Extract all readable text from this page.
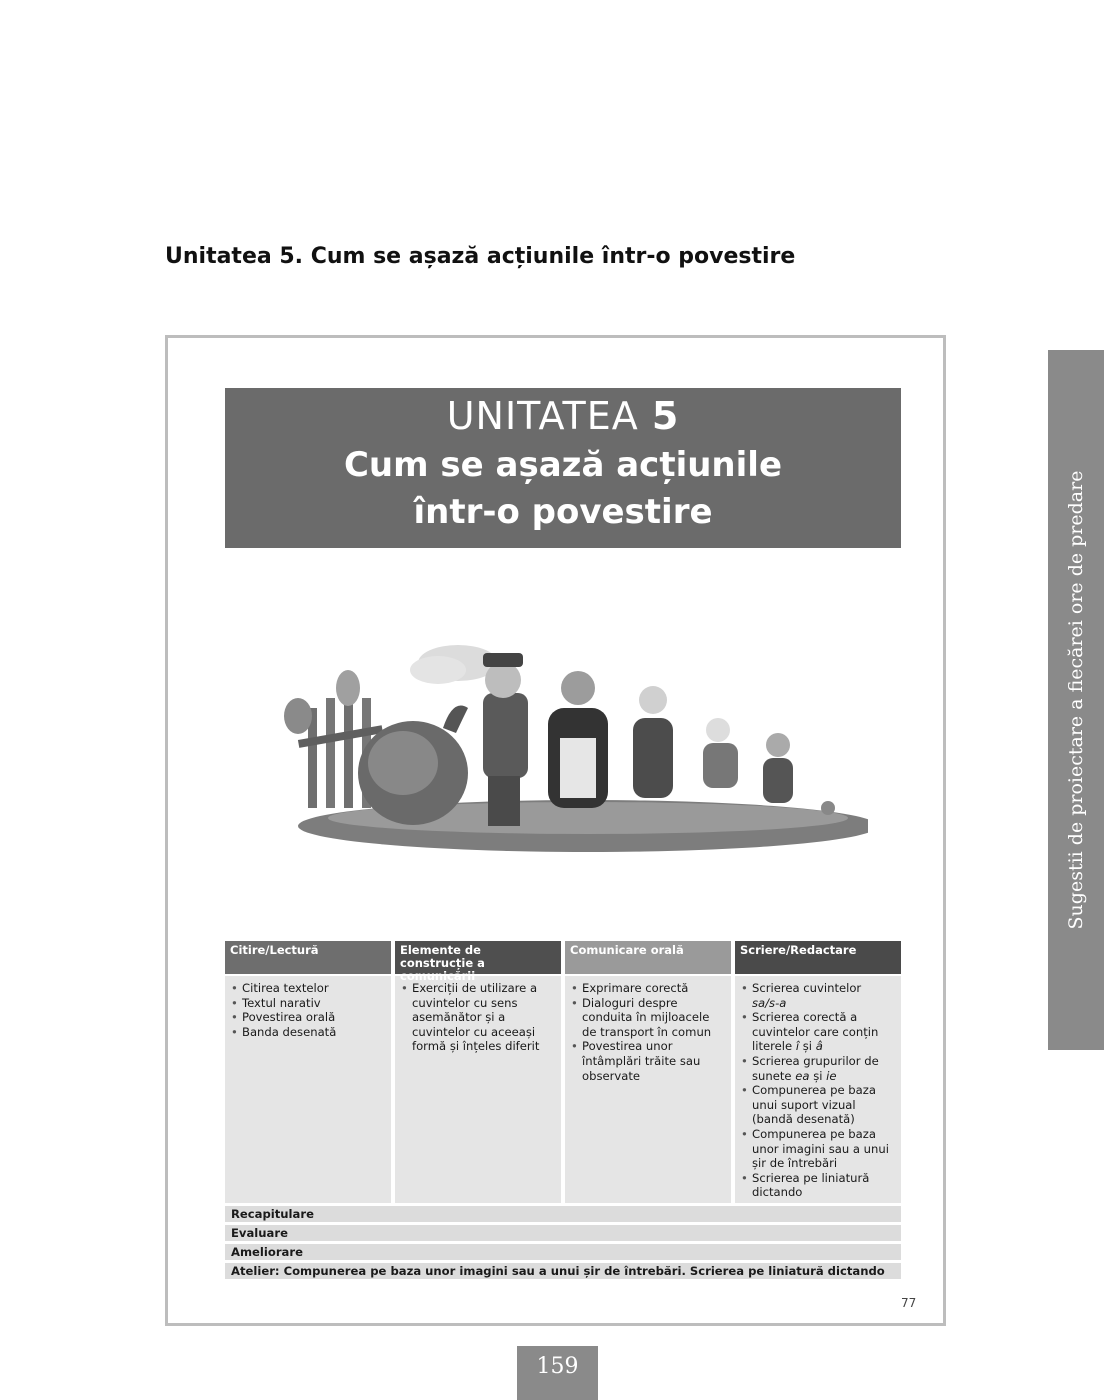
Unitatea 5. Cum se așază acțiunile într-o povestire
UNITATEA 5
Cum se așază acțiunile
într-o povestire
Citire/Lectură
• Citirea textelor
• Textul narativ
• Povestirea orală
• Banda desenată
Elemente de construcție a comunicării
• Exerciții de utilizare a cuvintelor cu sens asemănător și a cuvintelor cu aceeași formă și înțeles diferit
Comunicare orală
• Exprimare corectă
• Dialoguri despre conduita în mijloacele de transport în comun
• Povestirea unor întâmplări trăite sau observate
Scriere/Redactare
• Scrierea cuvintelor
sa/s-a
• Scrierea corectă a cuvintelor care conțin literele î și â
• Scrierea grupurilor de sunete ea și ie
• Compunerea pe baza unui suport vizual (bandă desenată)
• Compunerea pe baza unor imagini sau a unui șir de întrebări
• Scrierea pe liniatură dictando
Recapitulare
Evaluare
Ameliorare
Atelier: Compunerea pe baza unor imagini sau a unui șir de întrebări. Scrierea pe liniatură dictando
77
Sugestii de proiectare a fiecărei ore de predare
159
